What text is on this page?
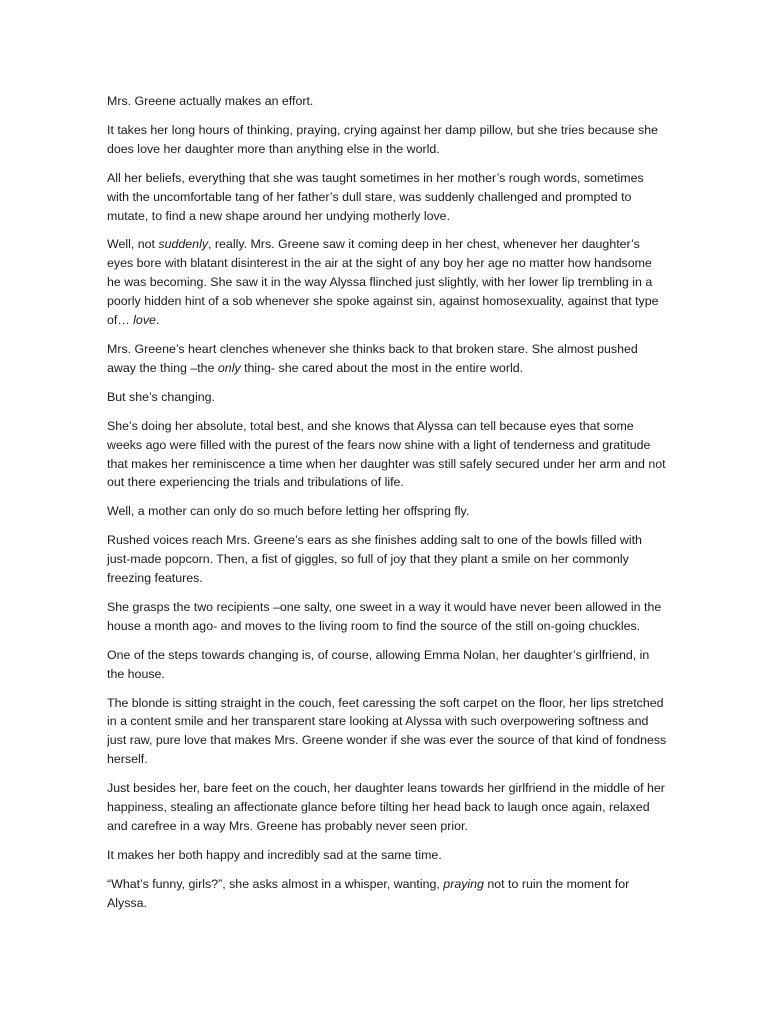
Mrs. Greene actually makes an effort.

It takes her long hours of thinking, praying, crying against her damp pillow, but she tries because she does love her daughter more than anything else in the world.

All her beliefs, everything that she was taught sometimes in her mother’s rough words, sometimes with the uncomfortable tang of her father’s dull stare, was suddenly challenged and prompted to mutate, to find a new shape around her undying motherly love.

Well, not suddenly, really. Mrs. Greene saw it coming deep in her chest, whenever her daughter’s eyes bore with blatant disinterest in the air at the sight of any boy her age no matter how handsome he was becoming. She saw it in the way Alyssa flinched just slightly, with her lower lip trembling in a poorly hidden hint of a sob whenever she spoke against sin, against homosexuality, against that type of… love.

Mrs. Greene’s heart clenches whenever she thinks back to that broken stare. She almost pushed away the thing –the only thing- she cared about the most in the entire world.

But she’s changing.

She’s doing her absolute, total best, and she knows that Alyssa can tell because eyes that some weeks ago were filled with the purest of the fears now shine with a light of tenderness and gratitude that makes her reminiscence a time when her daughter was still safely secured under her arm and not out there experiencing the trials and tribulations of life.

Well, a mother can only do so much before letting her offspring fly.

Rushed voices reach Mrs. Greene’s ears as she finishes adding salt to one of the bowls filled with just-made popcorn. Then, a fist of giggles, so full of joy that they plant a smile on her commonly freezing features.

She grasps the two recipients –one salty, one sweet in a way it would have never been allowed in the house a month ago- and moves to the living room to find the source of the still on-going chuckles.

One of the steps towards changing is, of course, allowing Emma Nolan, her daughter’s girlfriend, in the house.

The blonde is sitting straight in the couch, feet caressing the soft carpet on the floor, her lips stretched in a content smile and her transparent stare looking at Alyssa with such overpowering softness and just raw, pure love that makes Mrs. Greene wonder if she was ever the source of that kind of fondness herself.

Just besides her, bare feet on the couch, her daughter leans towards her girlfriend in the middle of her happiness, stealing an affectionate glance before tilting her head back to laugh once again, relaxed and carefree in a way Mrs. Greene has probably never seen prior.

It makes her both happy and incredibly sad at the same time.

“What’s funny, girls?”, she asks almost in a whisper, wanting, praying not to ruin the moment for Alyssa.
